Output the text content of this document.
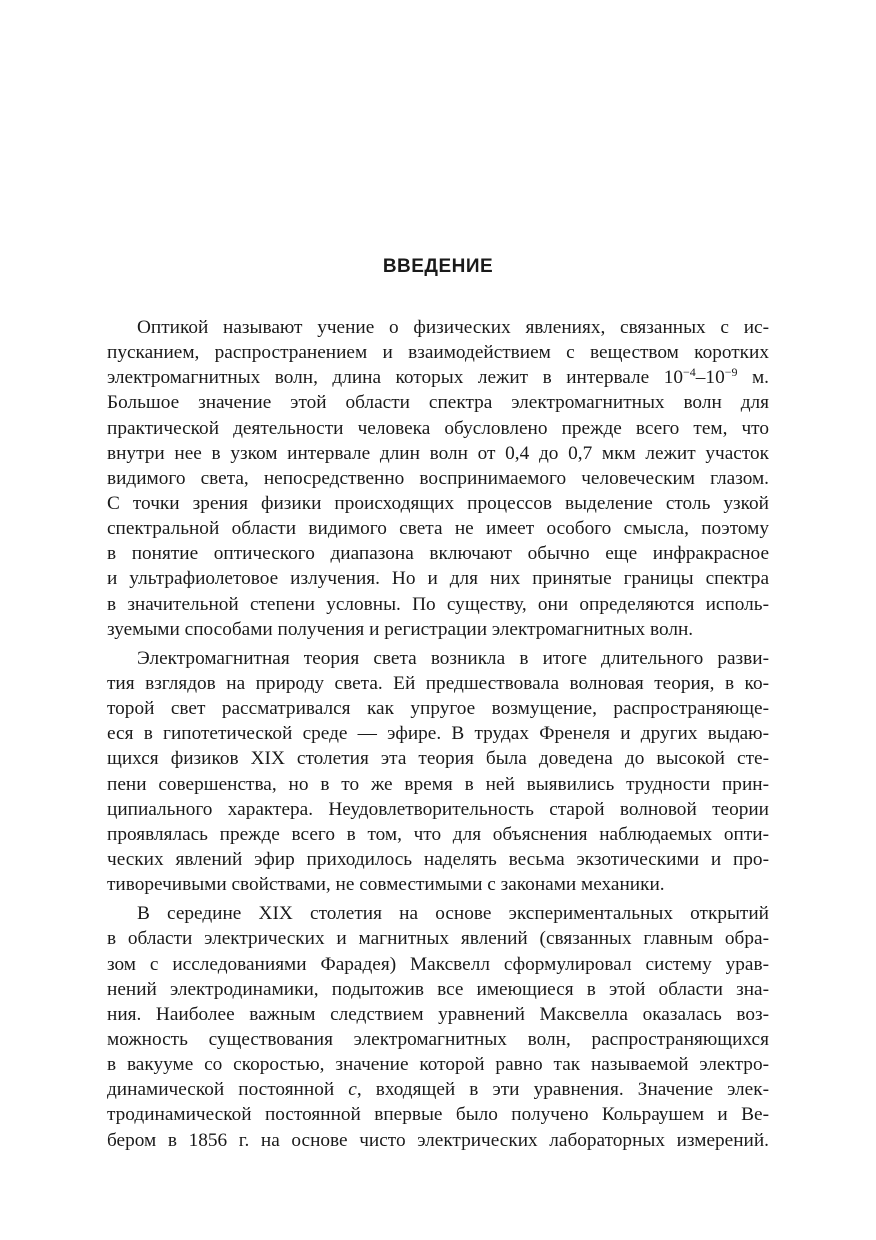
ВВЕДЕНИЕ
Оптикой называют учение о физических явлениях, связанных с ис-
пусканием, распространением и взаимодействием с веществом коротких
электромагнитных волн, длина которых лежит в интервале $10^{-4}-10^{-9}$ м.
Большое значение этой области спектра электромагнитных волн для
практической деятельности человека обусловлено прежде всего тем, что
внутри нее в узком интервале длин волн от 0,4 до 0,7 мкм лежит участок
видимого света, непосредственно воспринимаемого человеческим глазом.
С точки зрения физики происходящих процессов выделение столь узкой
спектральной области видимого света не имеет особого смысла, поэтому
в понятие оптического диапазона включают обычно еще инфракрасное
и ультрафиолетовое излучения. Но и для них принятые границы спектра
в значительной степени условны. По существу, они определяются исполь-
зуемыми способами получения и регистрации электромагнитных волн.
Электромагнитная теория света возникла в итоге длительного разви-
тия взглядов на природу света. Ей предшествовала волновая теория, в ко-
торой свет рассматривался как упругое возмущение, распространяюще-
еся в гипотетической среде — эфире. В трудах Френеля и других выдаю-
щихся физиков XIX столетия эта теория была доведена до высокой сте-
пени совершенства, но в то же время в ней выявились трудности прин-
ципиального характера. Неудовлетворительность старой волновой теории
проявлялась прежде всего в том, что для объяснения наблюдаемых опти-
ческих явлений эфир приходилось наделять весьма экзотическими и про-
тиворечивыми свойствами, не совместимыми с законами механики.
В середине XIX столетия на основе экспериментальных открытий
в области электрических и магнитных явлений (связанных главным обра-
зом с исследованиями Фарадея) Максвелл сформулировал систему урав-
нений электродинамики, подытожив все имеющиеся в этой области зна-
ния. Наиболее важным следствием уравнений Максвелла оказалась воз-
можность существования электромагнитных волн, распространяющихся
в вакууме со скоростью, значение которой равно так называемой электро-
динамической постоянной c, входящей в эти уравнения. Значение элек-
тродинамической постоянной впервые было получено Кольраушем и Ве-
бером в 1856 г. на основе чисто электрических лабораторных измерений.
